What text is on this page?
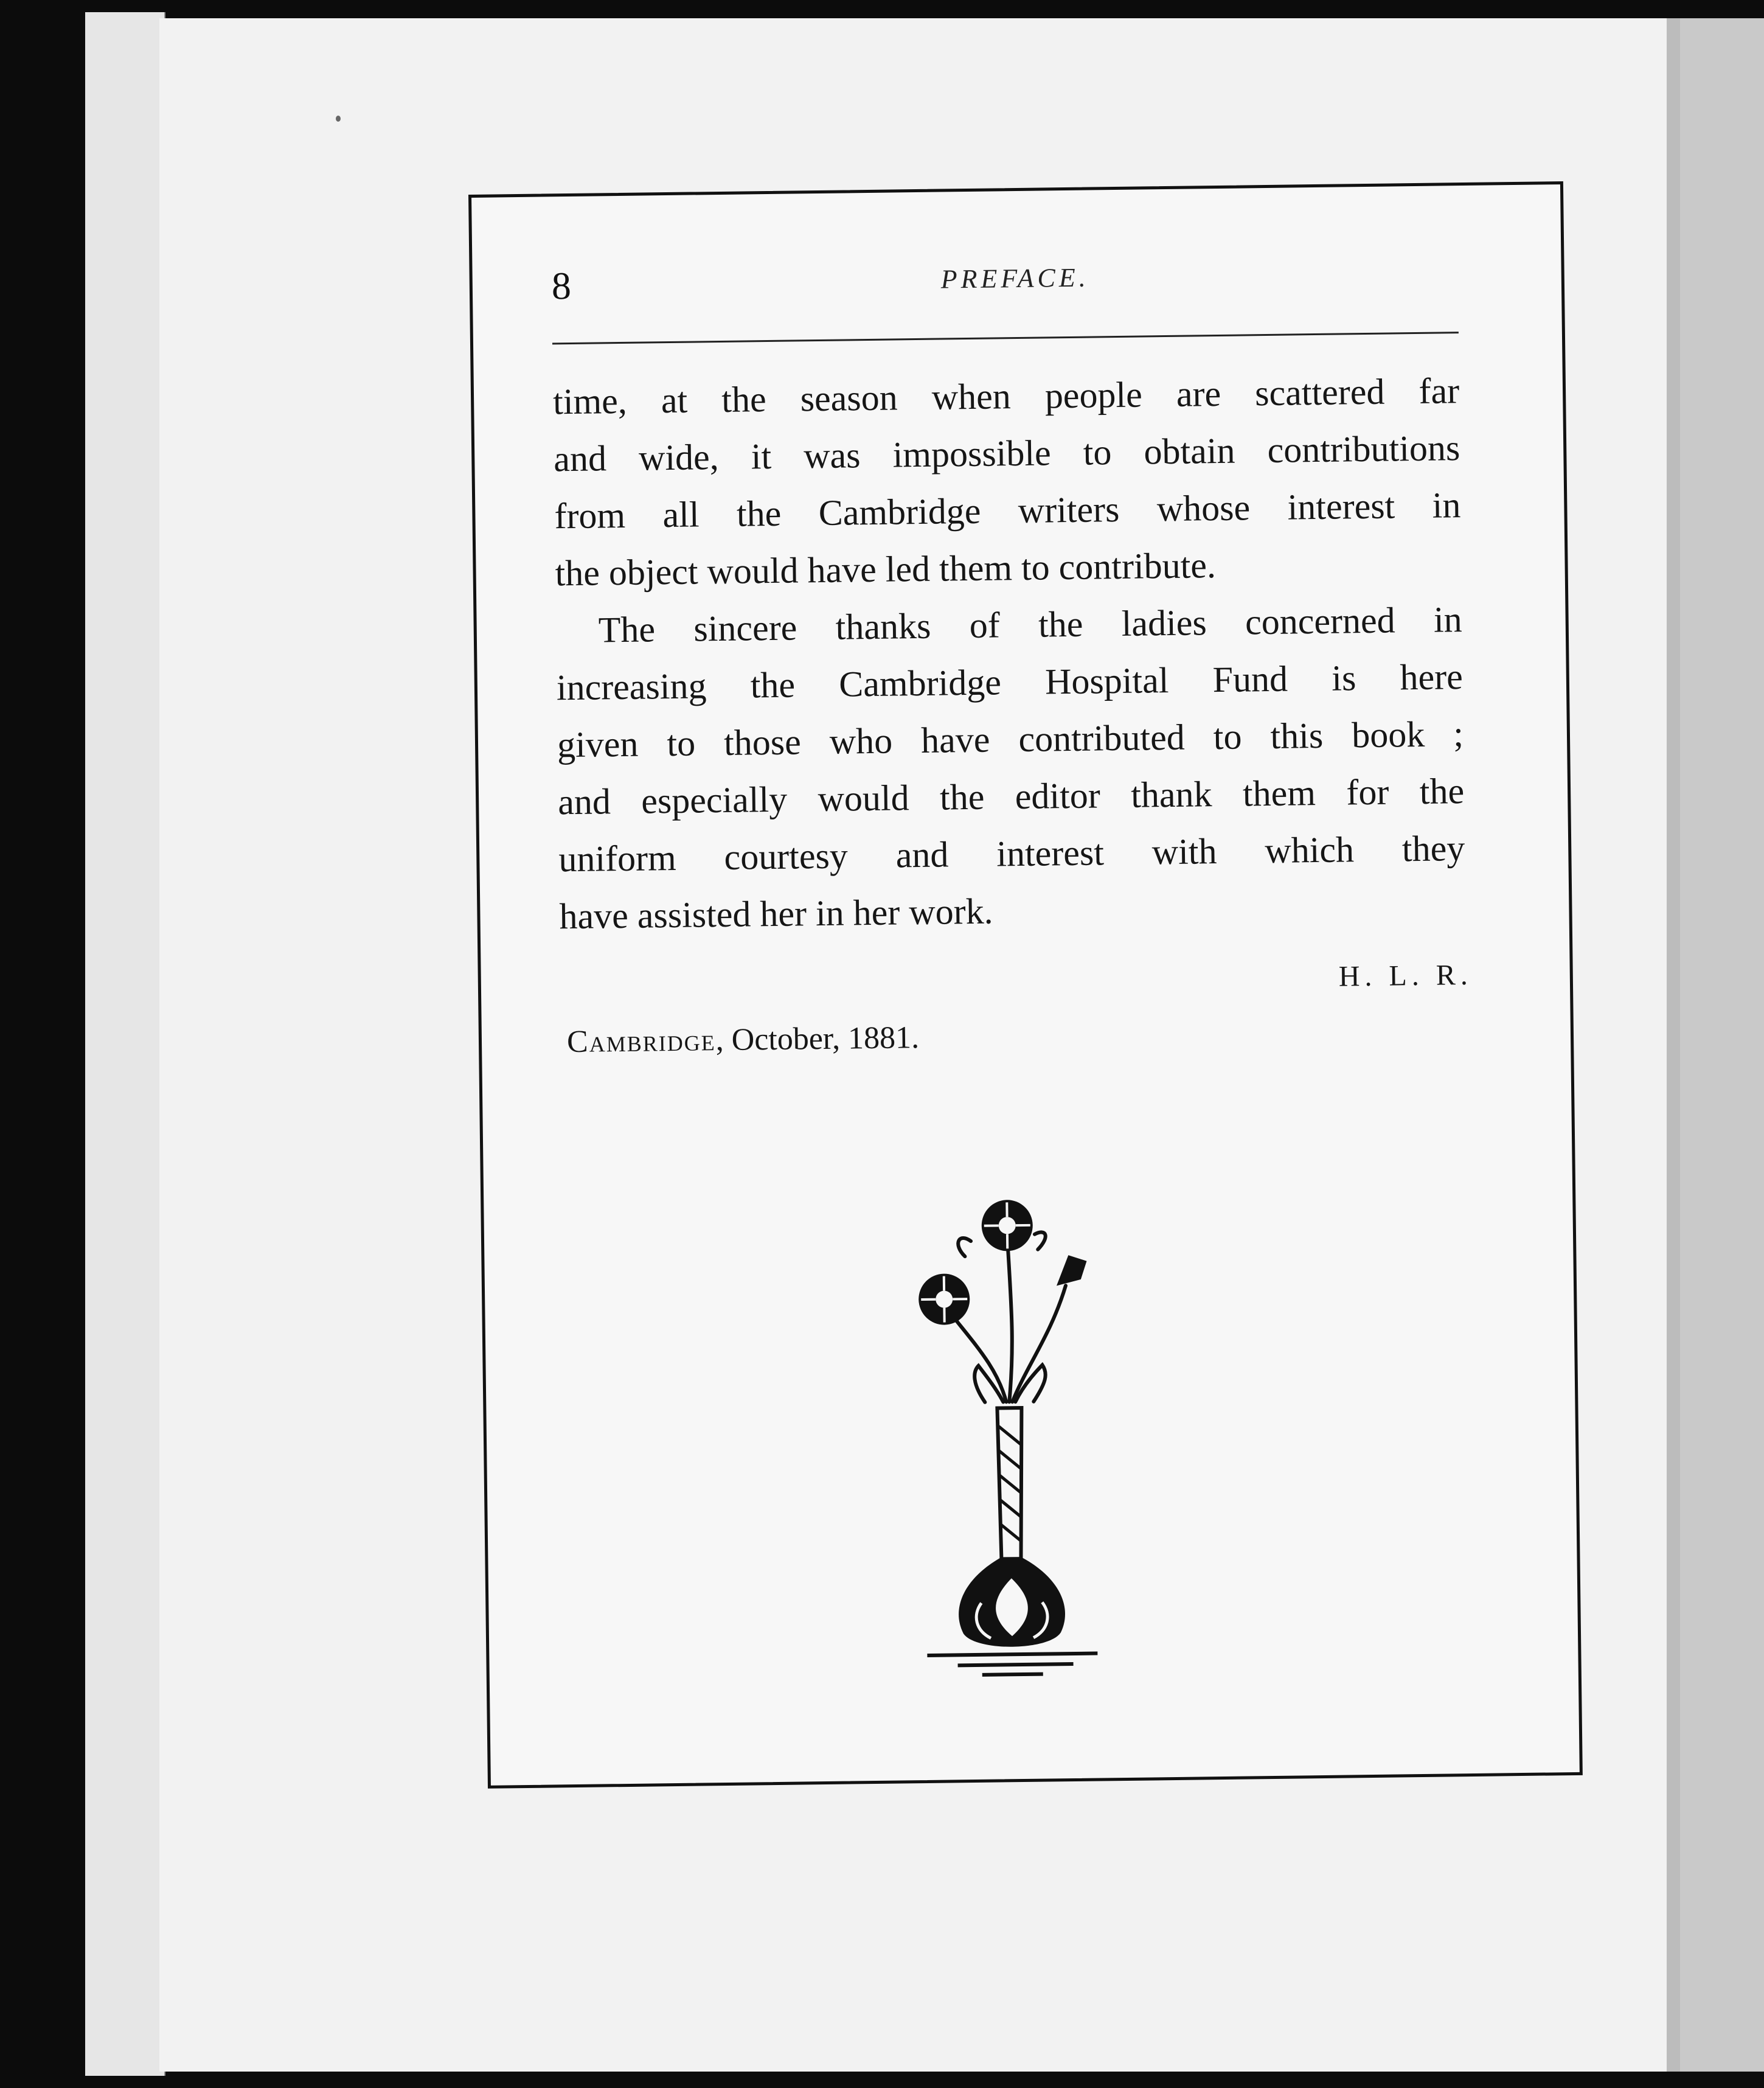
8	PREFACE.
time, at the season when people are scattered far
and wide, it was impossible to obtain contributions
from all the Cambridge writers whose interest in
the object would have led them to contribute.
The sincere thanks of the ladies concerned in
increasing the Cambridge Hospital Fund is here
given to those who have contributed to this book ;
and especially would the editor thank them for the
uniform courtesy and interest with which they
have assisted her in her work.
H. L. R.
Cambridge, October, 1881.
